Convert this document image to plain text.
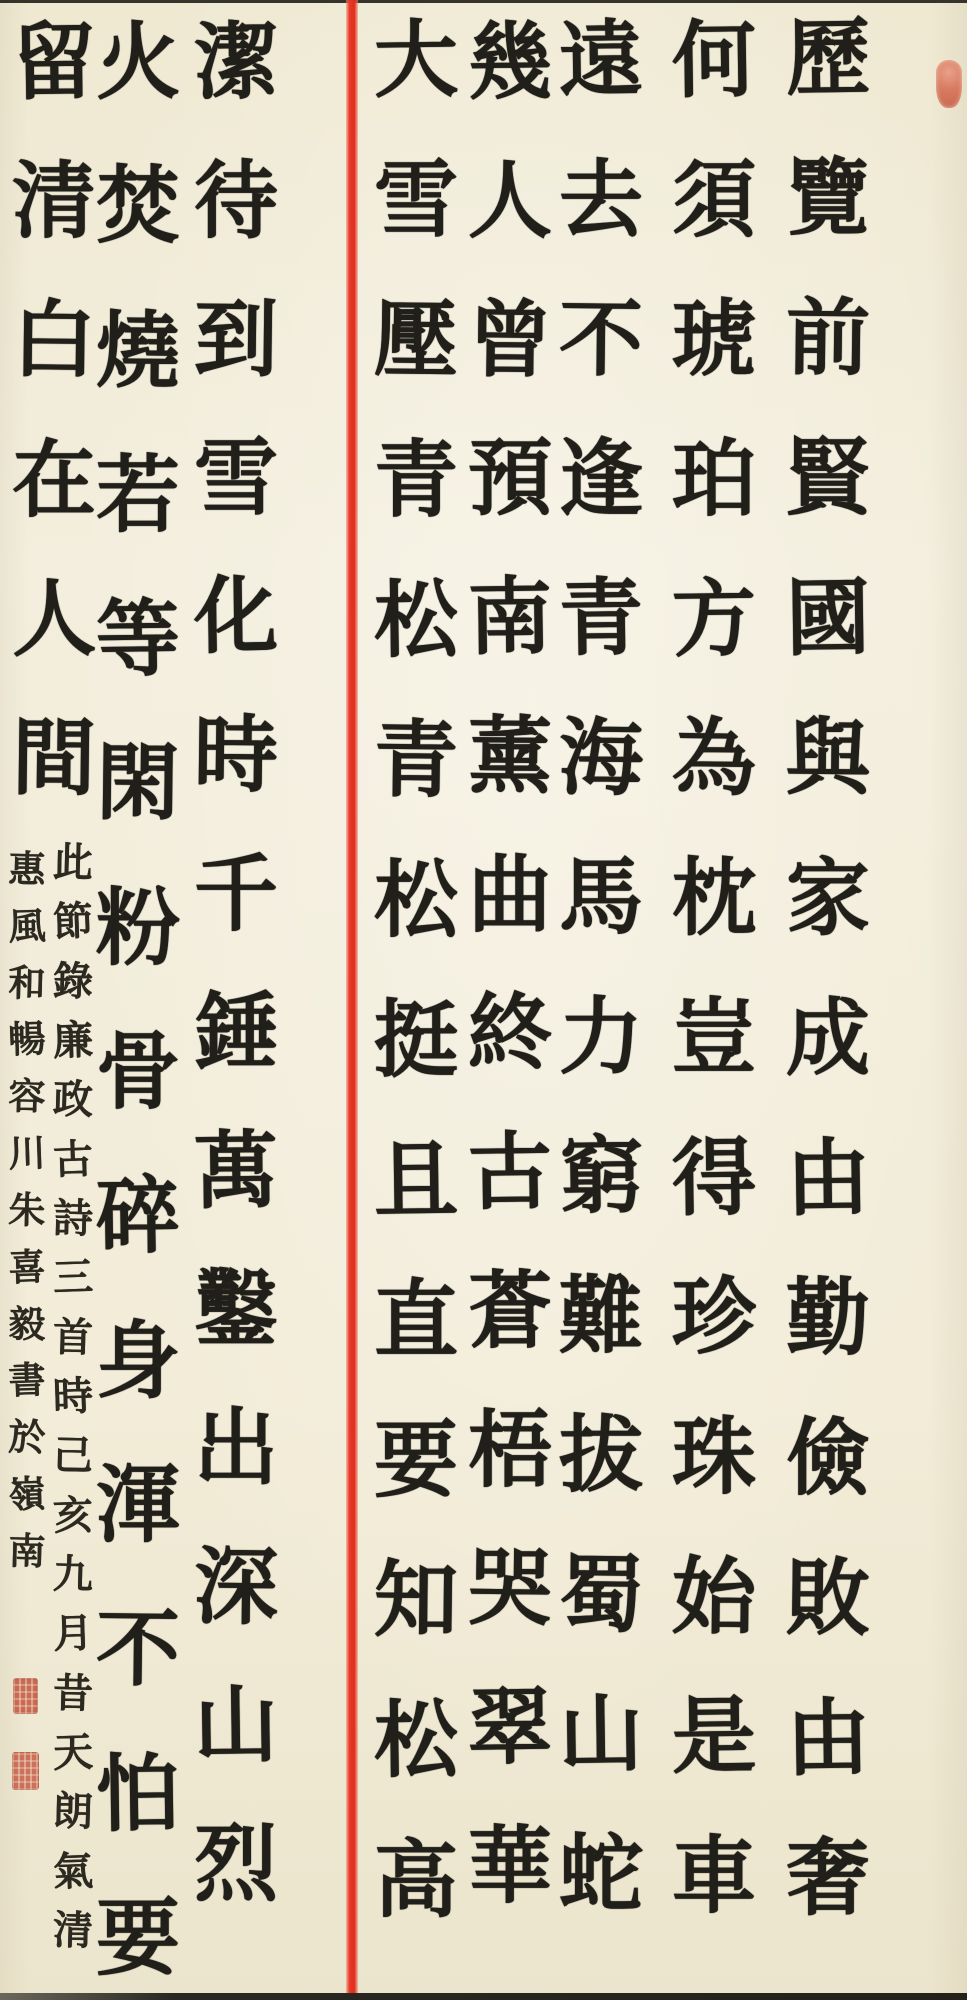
歷
覽
前
賢
國
與
家
成
由
勤
儉
敗
由
奢
何
須
琥
珀
方
為
枕
豈
得
珍
珠
始
是
車
遠
去
不
逢
青
海
馬
力
窮
難
拔
蜀
山
蛇
幾
人
曾
預
南
薰
曲
終
古
蒼
梧
哭
翠
華
大
雪
壓
青
松
青
松
挺
且
直
要
知
松
高
潔
待
到
雪
化
時
千
錘
萬
鑿
出
深
山
烈
火
焚
燒
若
等
閑
粉
骨
碎
身
渾
不
怕
要
留
清
白
在
人
間
此
節
錄
廉
政
古
詩
三
首
時
己
亥
九
月
昔
天
朗
氣
清
惠
風
和
暢
容
川
朱
喜
毅
書
於
嶺
南
